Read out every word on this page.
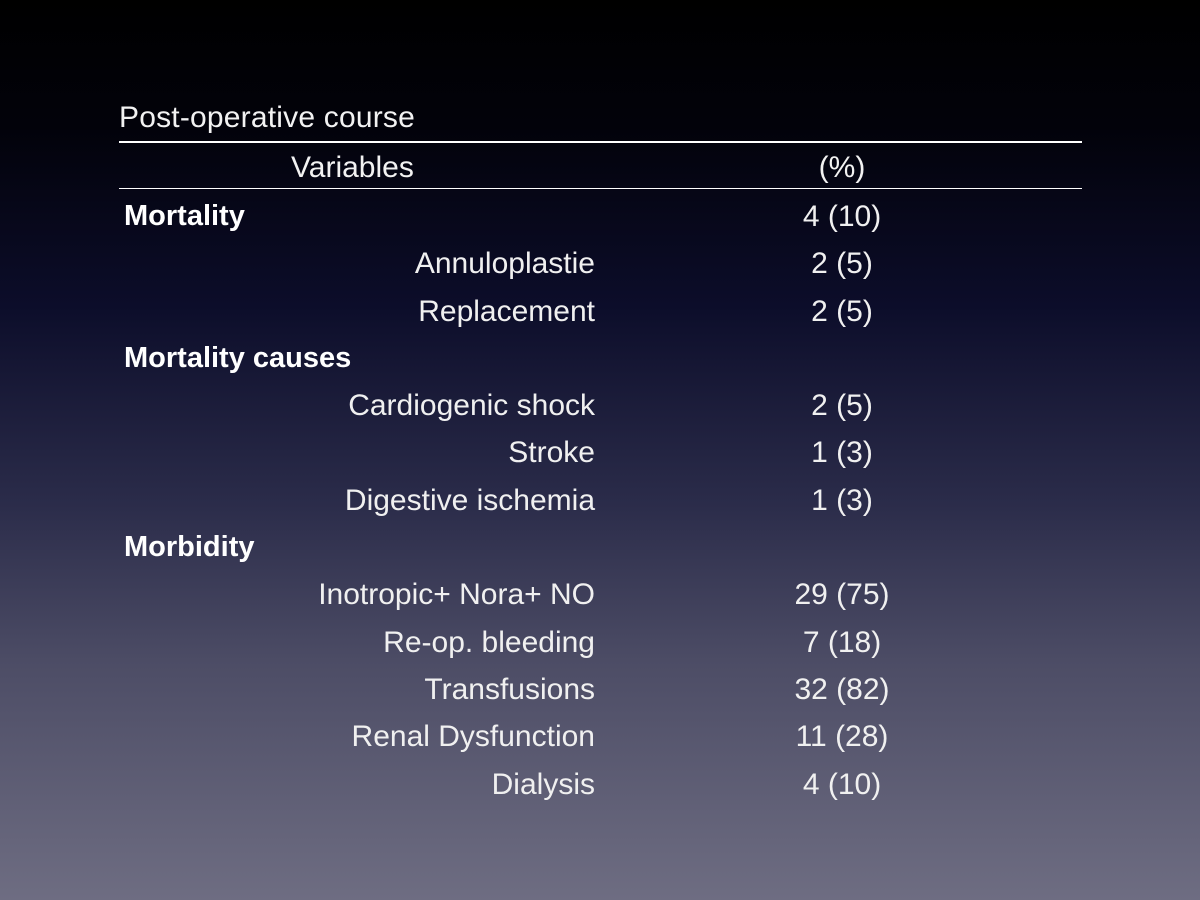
Post-operative course
Variables	(%)
Mortality	4 (10)
Annuloplastie	2 (5)
Replacement	2 (5)
Mortality causes
Cardiogenic shock	2 (5)
Stroke	1 (3)
Digestive ischemia	1 (3)
Morbidity
Inotropic+ Nora+ NO	29 (75)
Re-op. bleeding	7 (18)
Transfusions	32 (82)
Renal Dysfunction	11 (28)
Dialysis	4 (10)
